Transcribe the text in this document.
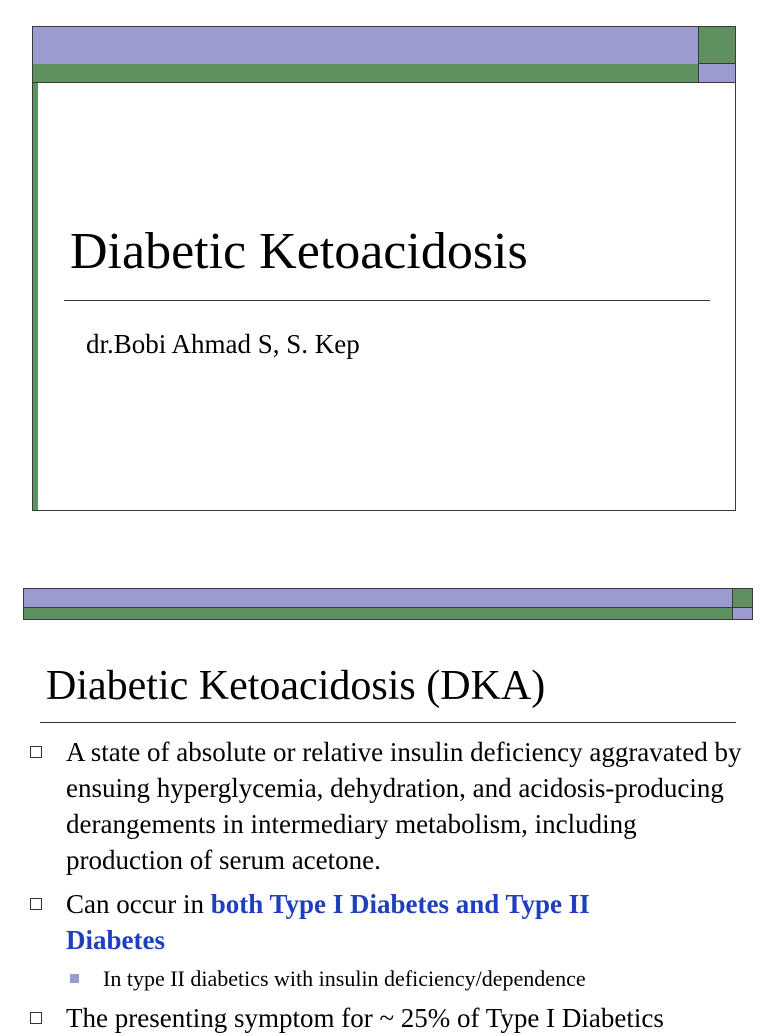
Diabetic Ketoacidosis
dr.Bobi Ahmad S, S. Kep
Diabetic Ketoacidosis (DKA)
A state of absolute or relative insulin deficiency aggravated by ensuing hyperglycemia, dehydration, and acidosis-producing derangements in intermediary metabolism, including production of serum acetone.
Can occur in both Type I Diabetes and Type II Diabetes
In type II diabetics with insulin deficiency/dependence
The presenting symptom for ~ 25% of Type I Diabetics
